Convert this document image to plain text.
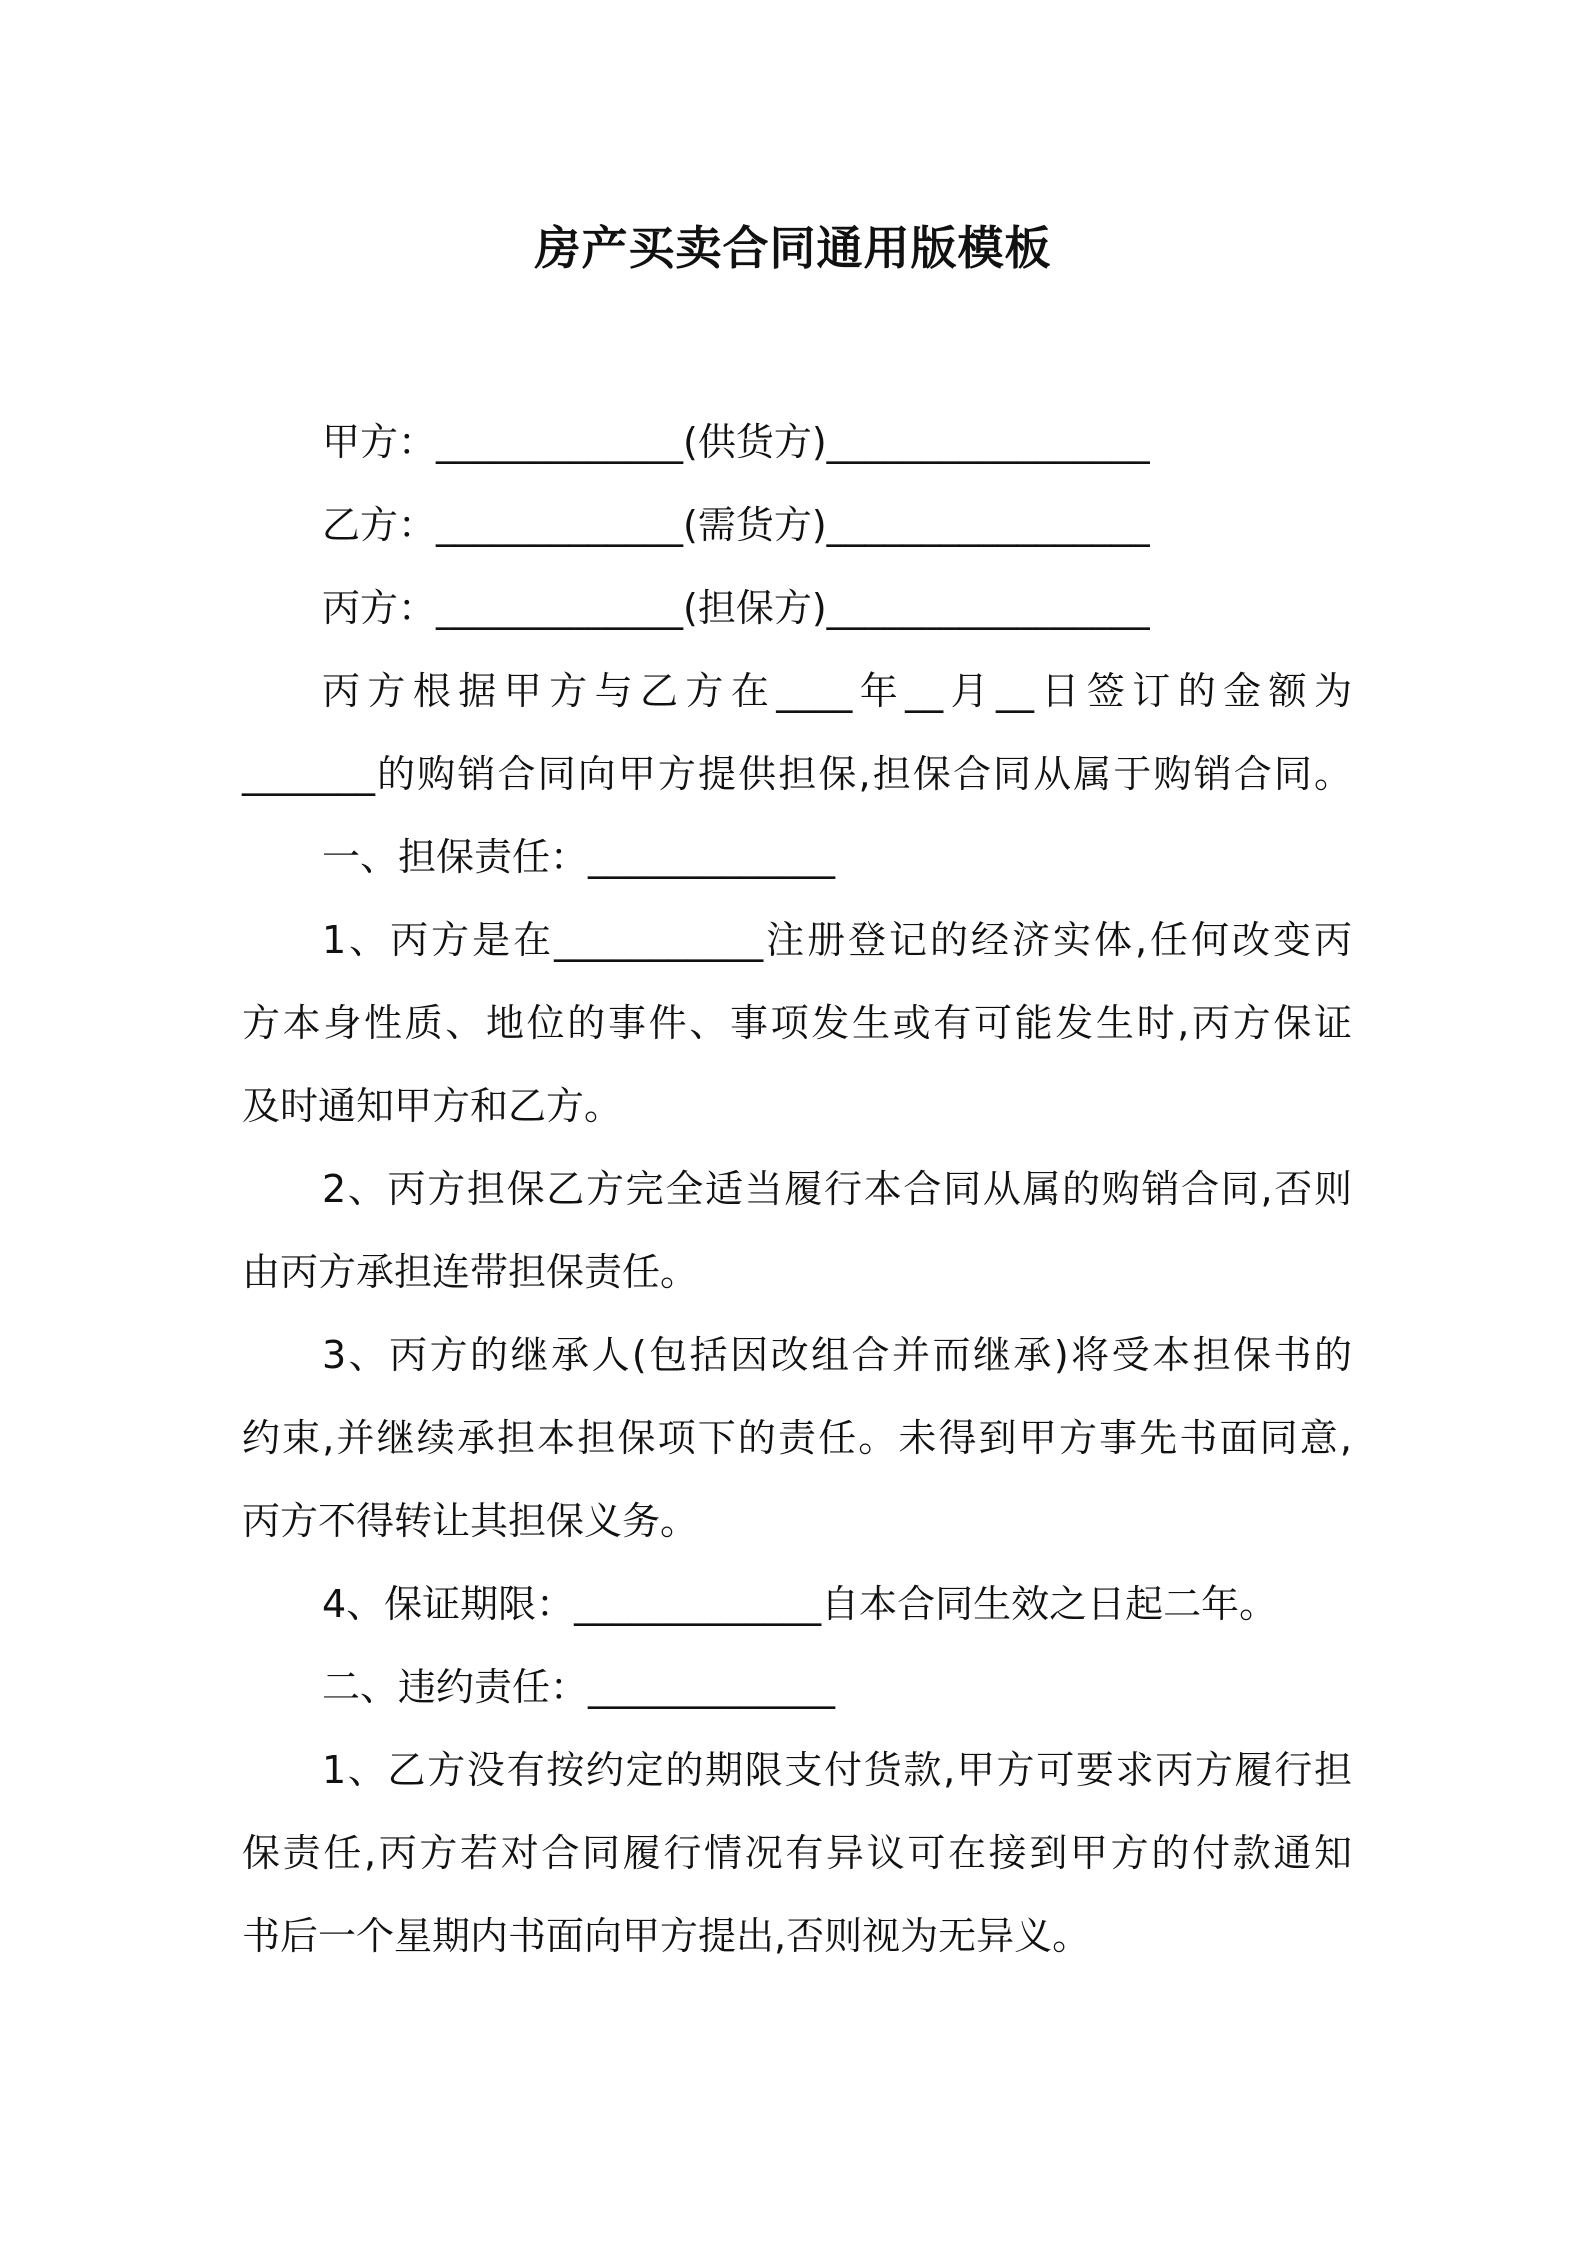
房产买卖合同通用版模板
甲方：_____________(供货方)_________________
乙方：_____________(需货方)_________________
丙方：_____________(担保方)_________________
丙方根据甲方与乙方在____年__月__日签订的金额为
_______的购销合同向甲方提供担保,担保合同从属于购销合同。
一、担保责任：_____________
1、丙方是在___________注册登记的经济实体,任何改变丙
方本身性质、地位的事件、事项发生或有可能发生时,丙方保证
及时通知甲方和乙方。
2、丙方担保乙方完全适当履行本合同从属的购销合同,否则
由丙方承担连带担保责任。
3、丙方的继承人(包括因改组合并而继承)将受本担保书的
约束,并继续承担本担保项下的责任。未得到甲方事先书面同意,
丙方不得转让其担保义务。
4、保证期限：_____________自本合同生效之日起二年。
二、违约责任：_____________
1、乙方没有按约定的期限支付货款,甲方可要求丙方履行担
保责任,丙方若对合同履行情况有异议可在接到甲方的付款通知
书后一个星期内书面向甲方提出,否则视为无异义。
